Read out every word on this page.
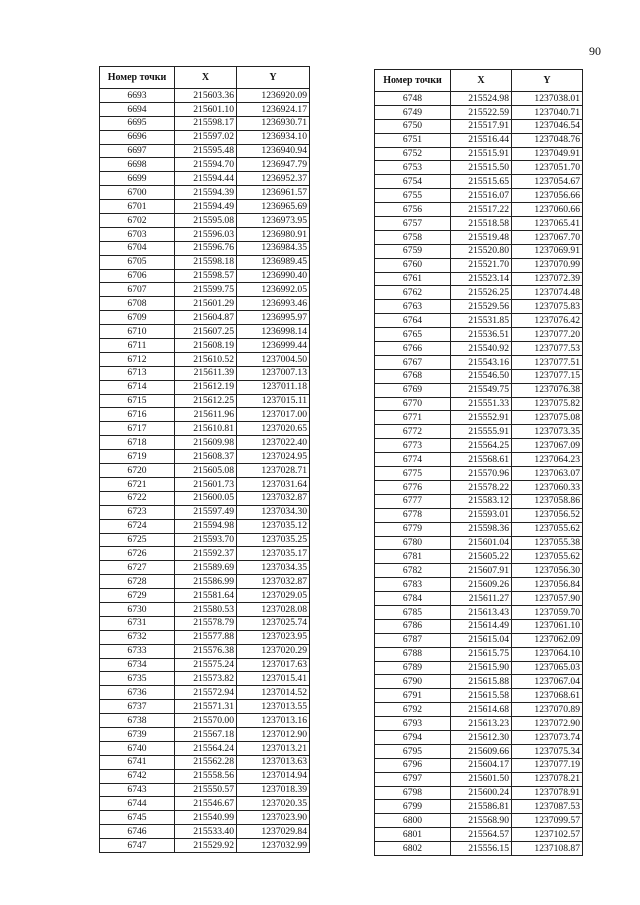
90
Номер точки	X	Y
6693	215603.36	1236920.09
6694	215601.10	1236924.17
6695	215598.17	1236930.71
6696	215597.02	1236934.10
6697	215595.48	1236940.94
6698	215594.70	1236947.79
6699	215594.44	1236952.37
6700	215594.39	1236961.57
6701	215594.49	1236965.69
6702	215595.08	1236973.95
6703	215596.03	1236980.91
6704	215596.76	1236984.35
6705	215598.18	1236989.45
6706	215598.57	1236990.40
6707	215599.75	1236992.05
6708	215601.29	1236993.46
6709	215604.87	1236995.97
6710	215607.25	1236998.14
6711	215608.19	1236999.44
6712	215610.52	1237004.50
6713	215611.39	1237007.13
6714	215612.19	1237011.18
6715	215612.25	1237015.11
6716	215611.96	1237017.00
6717	215610.81	1237020.65
6718	215609.98	1237022.40
6719	215608.37	1237024.95
6720	215605.08	1237028.71
6721	215601.73	1237031.64
6722	215600.05	1237032.87
6723	215597.49	1237034.30
6724	215594.98	1237035.12
6725	215593.70	1237035.25
6726	215592.37	1237035.17
6727	215589.69	1237034.35
6728	215586.99	1237032.87
6729	215581.64	1237029.05
6730	215580.53	1237028.08
6731	215578.79	1237025.74
6732	215577.88	1237023.95
6733	215576.38	1237020.29
6734	215575.24	1237017.63
6735	215573.82	1237015.41
6736	215572.94	1237014.52
6737	215571.31	1237013.55
6738	215570.00	1237013.16
6739	215567.18	1237012.90
6740	215564.24	1237013.21
6741	215562.28	1237013.63
6742	215558.56	1237014.94
6743	215550.57	1237018.39
6744	215546.67	1237020.35
6745	215540.99	1237023.90
6746	215533.40	1237029.84
6747	215529.92	1237032.99
Номер точки	X	Y
6748	215524.98	1237038.01
6749	215522.59	1237040.71
6750	215517.91	1237046.54
6751	215516.44	1237048.76
6752	215515.91	1237049.91
6753	215515.50	1237051.70
6754	215515.65	1237054.67
6755	215516.07	1237056.66
6756	215517.22	1237060.66
6757	215518.58	1237065.41
6758	215519.48	1237067.70
6759	215520.80	1237069.91
6760	215521.70	1237070.99
6761	215523.14	1237072.39
6762	215526.25	1237074.48
6763	215529.56	1237075.83
6764	215531.85	1237076.42
6765	215536.51	1237077.20
6766	215540.92	1237077.53
6767	215543.16	1237077.51
6768	215546.50	1237077.15
6769	215549.75	1237076.38
6770	215551.33	1237075.82
6771	215552.91	1237075.08
6772	215555.91	1237073.35
6773	215564.25	1237067.09
6774	215568.61	1237064.23
6775	215570.96	1237063.07
6776	215578.22	1237060.33
6777	215583.12	1237058.86
6778	215593.01	1237056.52
6779	215598.36	1237055.62
6780	215601.04	1237055.38
6781	215605.22	1237055.62
6782	215607.91	1237056.30
6783	215609.26	1237056.84
6784	215611.27	1237057.90
6785	215613.43	1237059.70
6786	215614.49	1237061.10
6787	215615.04	1237062.09
6788	215615.75	1237064.10
6789	215615.90	1237065.03
6790	215615.88	1237067.04
6791	215615.58	1237068.61
6792	215614.68	1237070.89
6793	215613.23	1237072.90
6794	215612.30	1237073.74
6795	215609.66	1237075.34
6796	215604.17	1237077.19
6797	215601.50	1237078.21
6798	215600.24	1237078.91
6799	215586.81	1237087.53
6800	215568.90	1237099.57
6801	215564.57	1237102.57
6802	215556.15	1237108.87
